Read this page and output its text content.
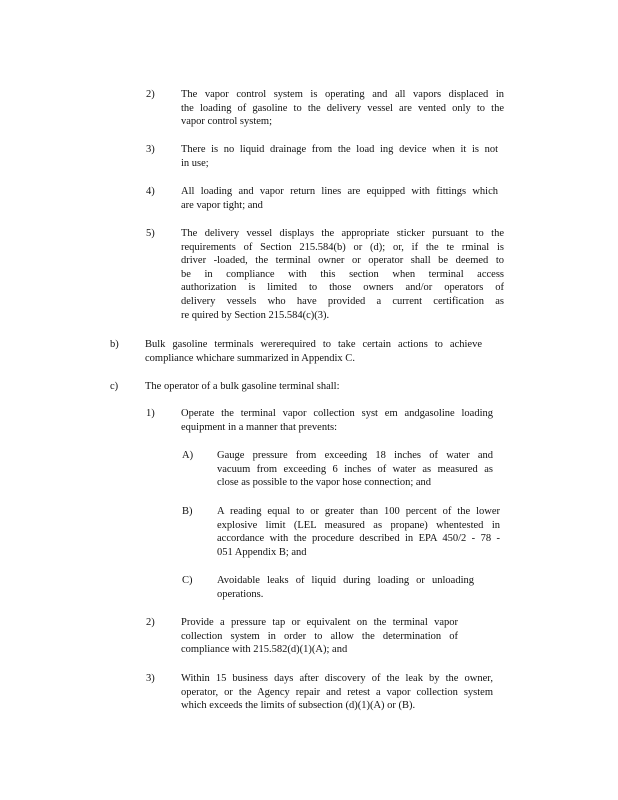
2)	The vapor control system is operating and all vapors displaced in
the loading of gasoline to the delivery vessel are vented only to the
vapor control system;
3)	There is no liquid drainage from the load ing device when it is not
in use;
4)	All loading and vapor return lines are equipped with fittings which
are vapor tight; and
5)	The delivery vessel displays the appropriate sticker pursuant to the
requirements of Section 215.584(b) or (d); or, if the te rminal is
driver -loaded, the terminal owner or operator shall be deemed to
be in compliance with this section when terminal access
authorization is limited to those owners and/or operators of
delivery vessels who have provided a current certification as
re quired by Section 215.584(c)(3).
b)	Bulk gasoline terminals wererequired to take certain actions to achieve
compliance whichare summarized in Appendix C.
c)	The operator of a bulk gasoline terminal shall:
1)	Operate the terminal vapor collection syst em andgasoline loading
equipment in a manner that prevents:
A) Gauge pressure from exceeding 18 inches of water and
vacuum from exceeding 6 inches of water as measured as
close as possible to the vapor hose connection; and
B) A reading equal to or greater than 100 percent of the lower
explosive limit (LEL measured as propane) whentested in
accordance with the procedure described in EPA 450/2 - 78 -
051 Appendix B; and
C) Avoidable leaks of liquid during loading or unloading
operations.
2)	Provide a pressure tap or equivalent on the terminal vapor
collection system in order to allow the determination of
compliance with 215.582(d)(1)(A); and
3)	Within 15 business days after discovery of the leak by the owner,
operator, or the Agency repair and retest a vapor collection system
which exceeds the limits of subsection (d)(1)(A) or (B).
